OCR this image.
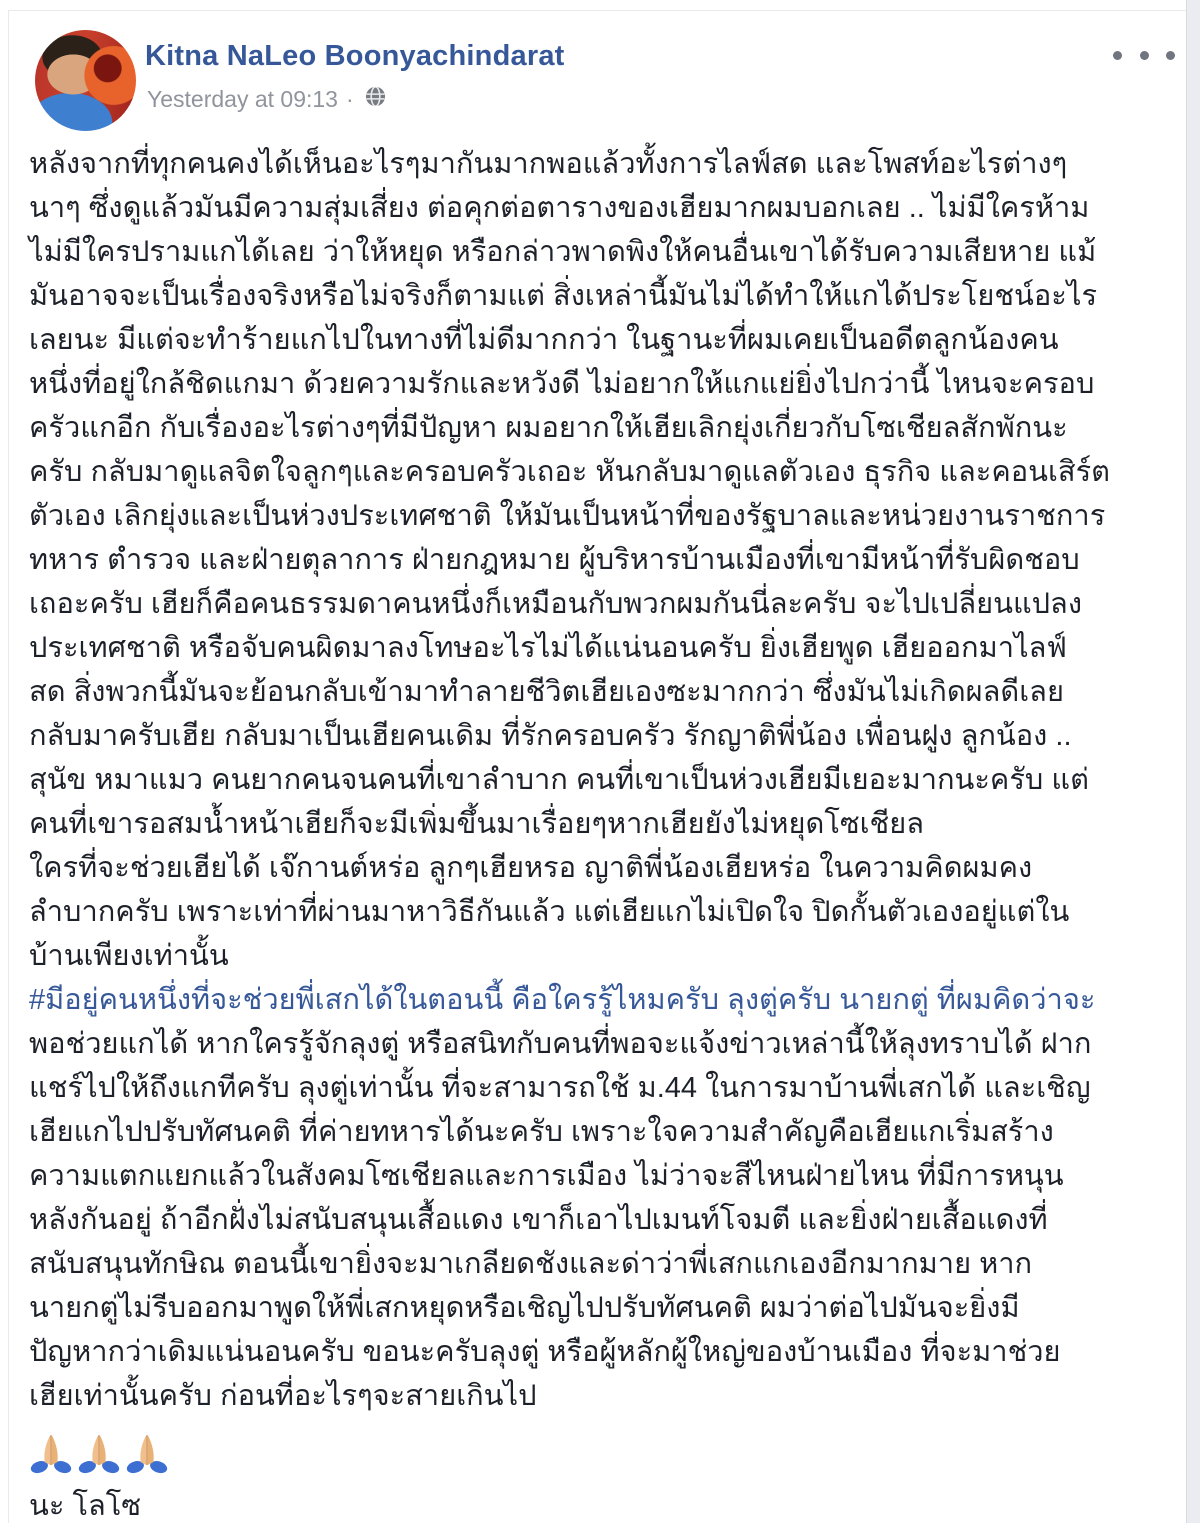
Kitna NaLeo Boonyachindarat
Yesterday at 09:13 ·
หลังจากที่ทุกคนคงได้เห็นอะไรๆมากันมากพอแล้วทั้งการไลฟ์สด และโพสท์อะไรต่างๆ
นาๆ ซึ่งดูแล้วมันมีความสุ่มเสี่ยง ต่อคุกต่อตารางของเฮียมากผมบอกเลย .. ไม่มีใครห้าม
ไม่มีใครปรามแกได้เลย ว่าให้หยุด หรือกล่าวพาดพิงให้คนอื่นเขาได้รับความเสียหาย แม้
มันอาจจะเป็นเรื่องจริงหรือไม่จริงก็ตามแต่ สิ่งเหล่านี้มันไม่ได้ทำให้แกได้ประโยชน์อะไร
เลยนะ มีแต่จะทำร้ายแกไปในทางที่ไม่ดีมากกว่า ในฐานะที่ผมเคยเป็นอดีตลูกน้องคน
หนึ่งที่อยู่ใกล้ชิดแกมา ด้วยความรักและหวังดี ไม่อยากให้แกแย่ยิ่งไปกว่านี้ ไหนจะครอบ
ครัวแกอีก กับเรื่องอะไรต่างๆที่มีปัญหา ผมอยากให้เฮียเลิกยุ่งเกี่ยวกับโซเชียลสักพักนะ
ครับ กลับมาดูแลจิตใจลูกๆและครอบครัวเถอะ หันกลับมาดูแลตัวเอง ธุรกิจ และคอนเสิร์ต
ตัวเอง เลิกยุ่งและเป็นห่วงประเทศชาติ ให้มันเป็นหน้าที่ของรัฐบาลและหน่วยงานราชการ
ทหาร ตำรวจ และฝ่ายตุลาการ ฝ่ายกฎหมาย ผู้บริหารบ้านเมืองที่เขามีหน้าที่รับผิดชอบ
เถอะครับ เฮียก็คือคนธรรมดาคนหนึ่งก็เหมือนกับพวกผมกันนี่ละครับ จะไปเปลี่ยนแปลง
ประเทศชาติ หรือจับคนผิดมาลงโทษอะไรไม่ได้แน่นอนครับ ยิ่งเฮียพูด เฮียออกมาไลฟ์
สด สิ่งพวกนี้มันจะย้อนกลับเข้ามาทำลายชีวิตเฮียเองซะมากกว่า ซึ่งมันไม่เกิดผลดีเลย
กลับมาครับเฮีย กลับมาเป็นเฮียคนเดิม ที่รักครอบครัว รักญาติพี่น้อง เพื่อนฝูง ลูกน้อง ..
สุนัข หมาแมว คนยากคนจนคนที่เขาลำบาก คนที่เขาเป็นห่วงเฮียมีเยอะมากนะครับ แต่
คนที่เขารอสมน้ำหน้าเฮียก็จะมีเพิ่มขึ้นมาเรื่อยๆหากเฮียยังไม่หยุดโซเชียล
ใครที่จะช่วยเฮียได้ เจ๊กานต์หร่อ ลูกๆเฮียหรอ ญาติพี่น้องเฮียหร่อ ในความคิดผมคง
ลำบากครับ เพราะเท่าที่ผ่านมาหาวิธีกันแล้ว แต่เฮียแกไม่เปิดใจ ปิดกั้นตัวเองอยู่แต่ใน
บ้านเพียงเท่านั้น
#มีอยู่คนหนึ่งที่จะช่วยพี่เสกได้ในตอนนี้ คือใครรู้ไหมครับ ลุงตู่ครับ นายกตู่ ที่ผมคิดว่าจะ
พอช่วยแกได้ หากใครรู้จักลุงตู่ หรือสนิทกับคนที่พอจะแจ้งข่าวเหล่านี้ให้ลุงทราบได้ ฝาก
แชร์ไปให้ถึงแกทีครับ ลุงตู่เท่านั้น ที่จะสามารถใช้ ม.44 ในการมาบ้านพี่เสกได้ และเชิญ
เฮียแกไปปรับทัศนคติ ที่ค่ายทหารได้นะครับ เพราะใจความสำคัญคือเฮียแกเริ่มสร้าง
ความแตกแยกแล้วในสังคมโซเชียลและการเมือง ไม่ว่าจะสีไหนฝ่ายไหน ที่มีการหนุน
หลังกันอยู่ ถ้าอีกฝั่งไม่สนับสนุนเสื้อแดง เขาก็เอาไปเมนท์โจมตี และยิ่งฝ่ายเสื้อแดงที่
สนับสนุนทักษิณ ตอนนี้เขายิ่งจะมาเกลียดชังและด่าว่าพี่เสกแกเองอีกมากมาย หาก
นายกตู่ไม่รีบออกมาพูดให้พี่เสกหยุดหรือเชิญไปปรับทัศนคติ ผมว่าต่อไปมันจะยิ่งมี
ปัญหากว่าเดิมแน่นอนครับ ขอนะครับลุงตู่ หรือผู้หลักผู้ใหญ่ของบ้านเมือง ที่จะมาช่วย
เฮียเท่านั้นครับ ก่อนที่อะไรๆจะสายเกินไป
นะ โลโซ
